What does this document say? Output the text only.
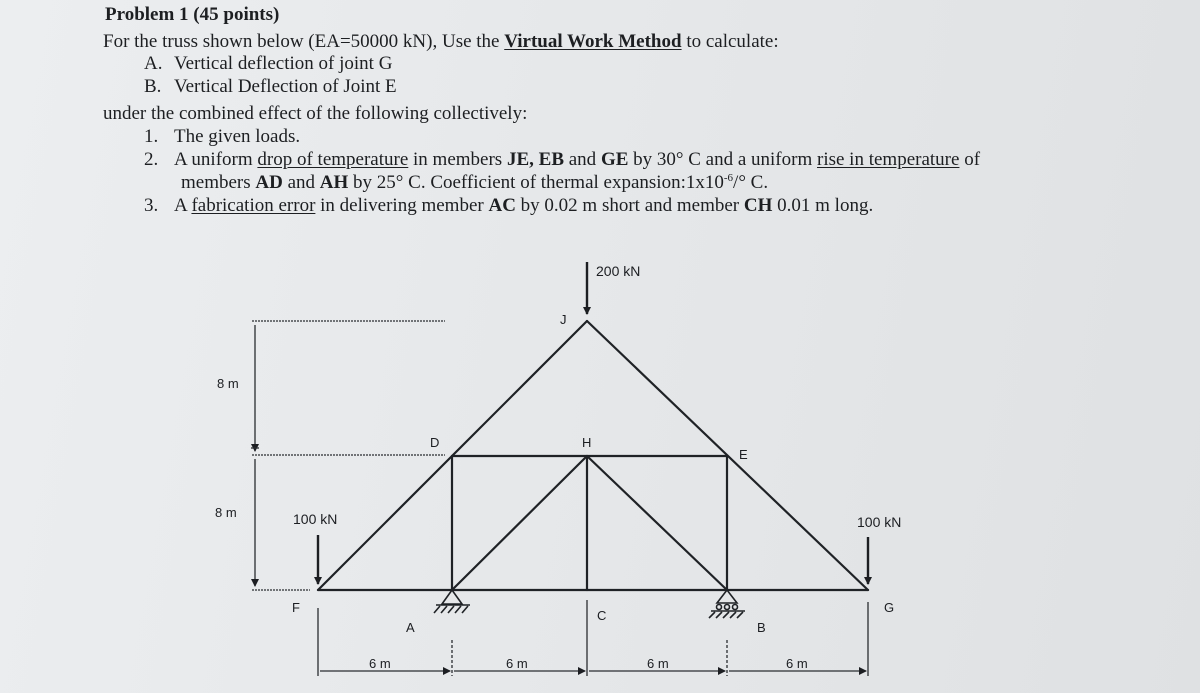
Problem 1 (45 points)
For the truss shown below (EA=50000 kN), Use the Virtual Work Method to calculate:
A. Vertical deflection of joint G
B. Vertical Deflection of Joint E
under the combined effect of the following collectively:
1. The given loads.
2. A uniform drop of temperature in members JE, EB and GE by 30° C and a uniform rise in temperature of
members AD and AH by 25° C. Coefficient of thermal $expansion:1x10^{-6}/^\circ$ C.
3. A fabrication error in delivering member AC by 0.02 m short and member CH 0.01 m long.
200 kN
100 kN	100 kN
J
D	H
E
F
A
C
B
G
8 m
8 m
6 m	6 m	6 m	6 m
